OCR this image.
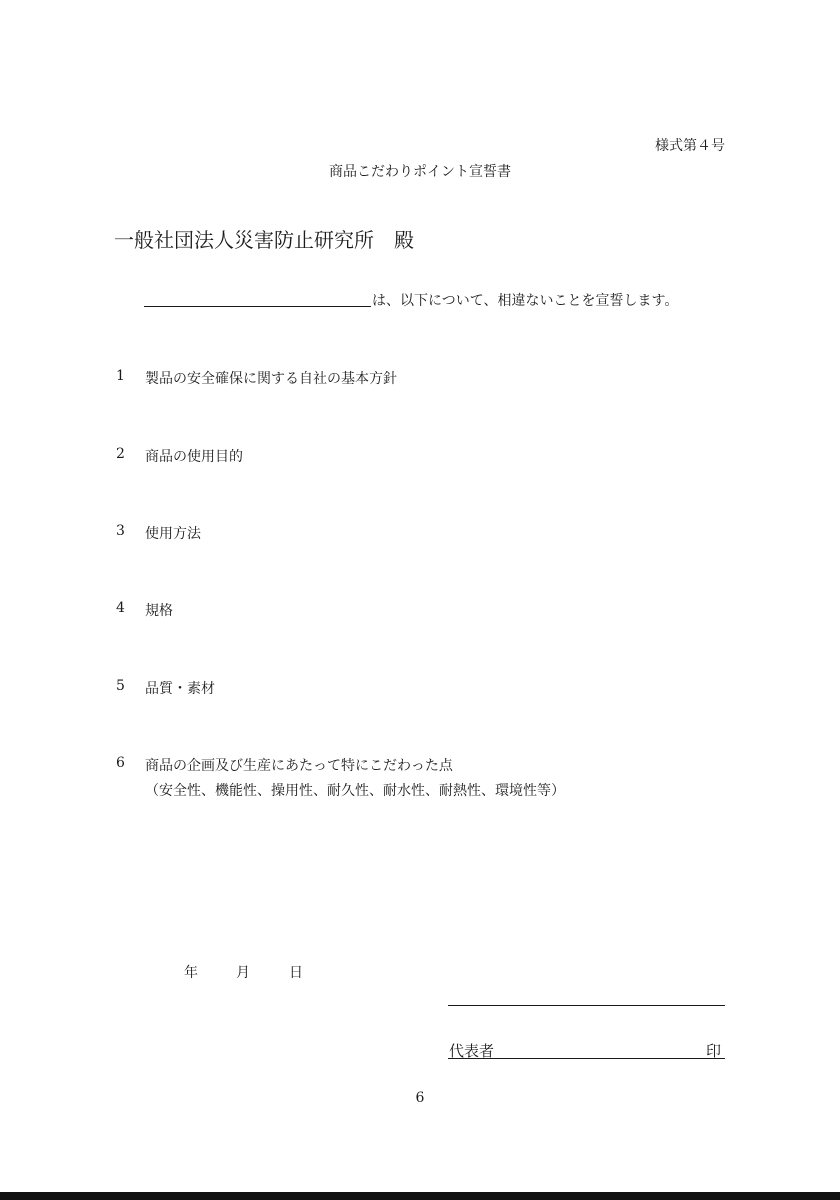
様式第４号
商品こだわりポイント宣誓書
一般社団法人災害防止研究所　殿
は、以下について、相違ないことを宣誓します。
1 製品の安全確保に関する自社の基本方針
2 商品の使用目的
3 使用方法
4 規格
5 品質・素材
6 商品の企画及び生産にあたって特にこだわった点
（安全性、機能性、操用性、耐久性、耐水性、耐熱性、環境性等）
年	月	日
代表者	印
6
